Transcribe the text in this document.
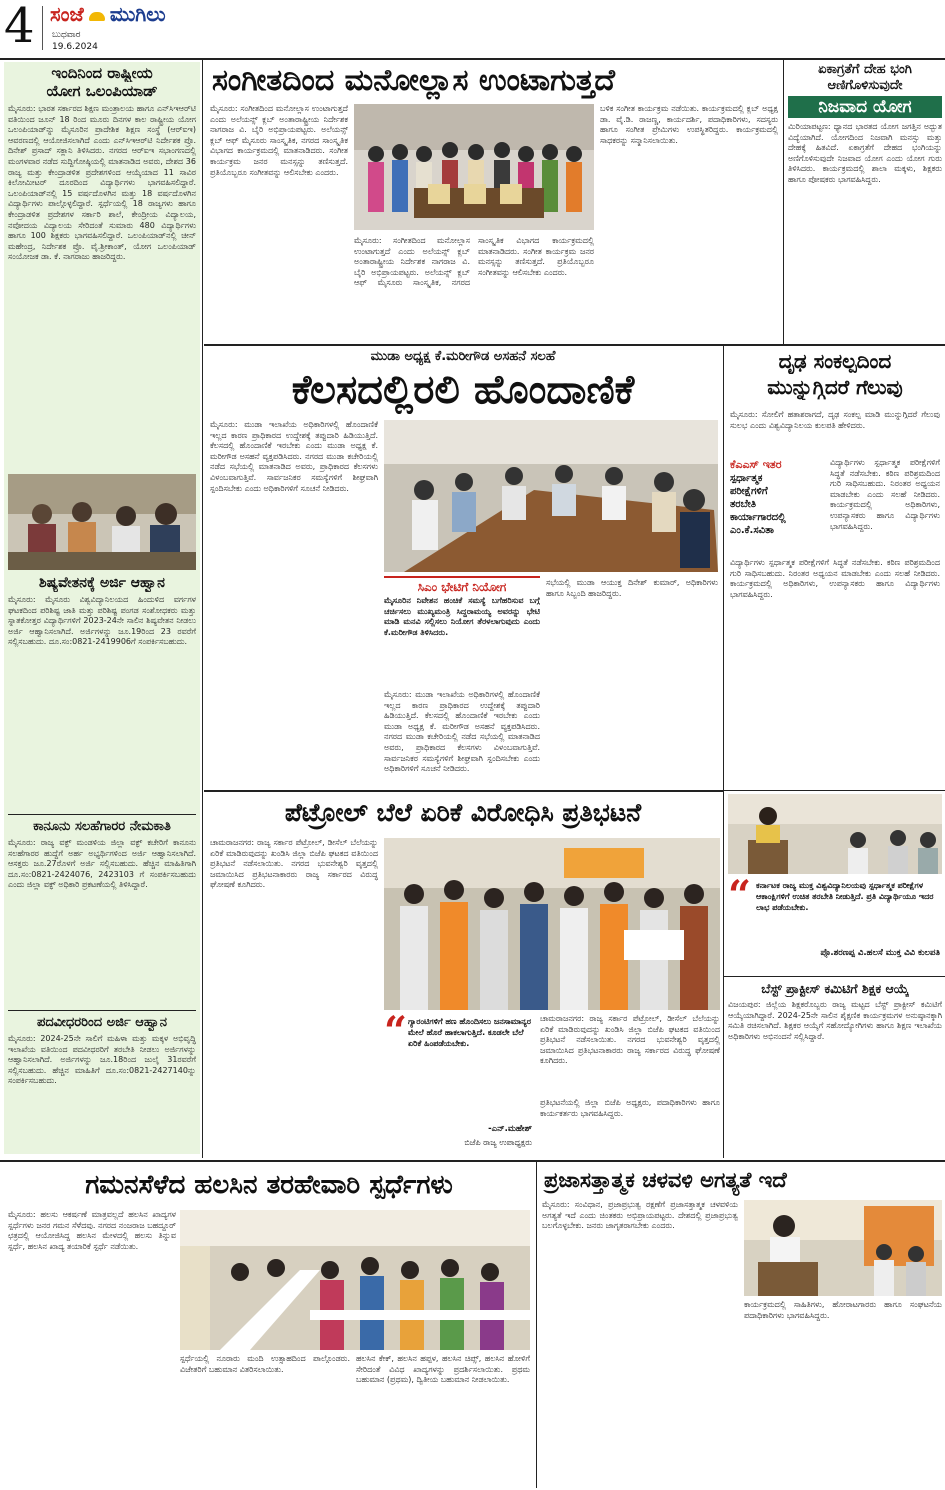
4 ಸಂಜೆ ಮುಗಿಲು
ಬುಧವಾರ
19.6.2024
ಇಂದಿನಿಂದ ರಾಷ್ಟ್ರೀಯ
ಯೋಗ ಒಲಂಪಿಯಾಡ್
ಮೈಸೂರು: ಭಾರತ ಸರ್ಕಾರದ ಶಿಕ್ಷಣ ಮಂತ್ರಾಲಯ ಹಾಗೂ ಎನ್‌ಸಿಇಆರ್‌ಟಿ ವತಿಯಿಂದ ಜೂನ್ 18 ರಿಂದ ಮೂರು ದಿನಗಳ ಕಾಲ ರಾಷ್ಟ್ರೀಯ ಯೋಗ ಒಲಂಪಿಯಾಡ್‌ನ್ನು ಮೈಸೂರಿನ ಪ್ರಾದೇಶಿಕ ಶಿಕ್ಷಣ ಸಂಸ್ಥೆ (ಆರ್‌ಐಇ) ಆವರಣದಲ್ಲಿ ಆಯೋಜಿಸಲಾಗಿದೆ ಎಂದು ಎನ್‌ಸಿಇಆರ್‌ಟಿ ನಿರ್ದೇಶಕ ಪ್ರೊ. ದಿನೇಶ್ ಪ್ರಸಾದ್ ಸಕ್ಲಾನಿ ತಿಳಿಸಿದರು. ನಗರದ ಆರ್‌ಐಇ ಸಭಾಂಗಣದಲ್ಲಿ ಮಂಗಳವಾರ ನಡೆದ ಸುದ್ದಿಗೋಷ್ಠಿಯಲ್ಲಿ ಮಾತನಾಡಿದ ಅವರು, ದೇಶದ 36 ರಾಜ್ಯ ಮತ್ತು ಕೇಂದ್ರಾಡಳಿತ ಪ್ರದೇಶಗಳಿಂದ ಆಯ್ಕೆಯಾದ 11 ಸಾವಿರ ಕಿಲೋಮೀಟರ್ ದೂರದಿಂದ ವಿದ್ಯಾರ್ಥಿಗಳು ಭಾಗವಹಿಸಲಿದ್ದಾರೆ. ಒಲಂಪಿಯಾಡ್‌ನಲ್ಲಿ 15 ವರ್ಷದೊಳಗಿನ ಮತ್ತು 18 ವರ್ಷದೊಳಗಿನ ವಿದ್ಯಾರ್ಥಿಗಳು ಪಾಲ್ಗೊಳ್ಳಲಿದ್ದಾರೆ. ಸ್ಪರ್ಧೆಯಲ್ಲಿ 18 ರಾಜ್ಯಗಳು ಹಾಗೂ ಕೇಂದ್ರಾಡಳಿತ ಪ್ರದೇಶಗಳ ಸರ್ಕಾರಿ ಶಾಲೆ, ಕೇಂದ್ರೀಯ ವಿದ್ಯಾಲಯ, ನವೋದಯ ವಿದ್ಯಾಲಯ ಸೇರಿದಂತೆ ಸುಮಾರು 480 ವಿದ್ಯಾರ್ಥಿಗಳು ಹಾಗೂ 100 ಶಿಕ್ಷಕರು ಭಾಗವಹಿಸಲಿದ್ದಾರೆ. ಒಲಂಪಿಯಾಡ್‌ನಲ್ಲಿ ಚೀನ್ ಮಹೇಂದ್ರ, ನಿರ್ದೇಶಕ ಪ್ರೊ. ವೈ.ಶ್ರೀಕಾಂತ್, ಯೋಗ ಒಲಂಪಿಯಾಡ್ ಸಂಯೋಜಕ ಡಾ. ಕೆ. ನಾಗರಾಜು ಹಾಜರಿದ್ದರು.
ಶಿಷ್ಯವೇತನಕ್ಕೆ ಅರ್ಜಿ ಆಹ್ವಾನ
ಮೈಸೂರು: ಮೈಸೂರು ವಿಶ್ವವಿದ್ಯಾನಿಲಯದ ಹಿಂದುಳಿದ ವರ್ಗಗಳ ಘಟಕದಿಂದ ಪರಿಶಿಷ್ಟ ಜಾತಿ ಮತ್ತು ಪರಿಶಿಷ್ಟ ಪಂಗಡ ಸಂಶೋಧಕರು ಮತ್ತು ಸ್ನಾತಕೋತ್ತರ ವಿದ್ಯಾರ್ಥಿಗಳಿಗೆ 2023-24ನೇ ಸಾಲಿನ ಶಿಷ್ಯವೇತನ ನೀಡಲು ಅರ್ಜಿ ಆಹ್ವಾನಿಸಲಾಗಿದೆ. ಅರ್ಜಿಗಳನ್ನು ಜೂ.19ರಿಂದ 23 ರವರೆಗೆ ಸಲ್ಲಿಸಬಹುದು. ದೂ.ಸಂ:0821-2419906ಗೆ ಸಂಪರ್ಕಿಸಬಹುದು.
ಕಾನೂನು ಸಲಹೆಗಾರರ ನೇಮಕಾತಿ
ಮೈಸೂರು: ರಾಜ್ಯ ವಕ್ಫ್ ಮಂಡಳಿಯ ಜಿಲ್ಲಾ ವಕ್ಫ್ ಕಚೇರಿಗೆ ಕಾನೂನು ಸಲಹೆಗಾರರ ಹುದ್ದೆಗೆ ಅರ್ಹ ಅಭ್ಯರ್ಥಿಗಳಿಂದ ಅರ್ಜಿ ಆಹ್ವಾನಿಸಲಾಗಿದೆ. ಆಸಕ್ತರು ಜೂ.27ರೊಳಗೆ ಅರ್ಜಿ ಸಲ್ಲಿಸಬಹುದು. ಹೆಚ್ಚಿನ ಮಾಹಿತಿಗಾಗಿ ದೂ.ಸಂ:0821-2424076, 2423103 ಗೆ ಸಂಪರ್ಕಿಸಬಹುದು ಎಂದು ಜಿಲ್ಲಾ ವಕ್ಫ್ ಅಧಿಕಾರಿ ಪ್ರಕಟಣೆಯಲ್ಲಿ ತಿಳಿಸಿದ್ದಾರೆ.
ಪದವೀಧರರಿಂದ ಅರ್ಜಿ ಆಹ್ವಾನ
ಮೈಸೂರು: 2024-25ನೇ ಸಾಲಿಗೆ ಮಹಿಳಾ ಮತ್ತು ಮಕ್ಕಳ ಅಭಿವೃದ್ಧಿ ಇಲಾಖೆಯ ವತಿಯಿಂದ ಪದವೀಧರರಿಗೆ ತರಬೇತಿ ನೀಡಲು ಅರ್ಜಿಗಳನ್ನು ಆಹ್ವಾನಿಸಲಾಗಿದೆ. ಅರ್ಜಿಗಳನ್ನು ಜೂ.18ರಿಂದ ಜುಲೈ 31ರವರೆಗೆ ಸಲ್ಲಿಸಬಹುದು. ಹೆಚ್ಚಿನ ಮಾಹಿತಿಗೆ ದೂ.ಸಂ:0821-2427140ನ್ನು ಸಂಪರ್ಕಿಸಬಹುದು.
ಸಂಗೀತದಿಂದ ಮನೋಲ್ಲಾಸ ಉಂಟಾಗುತ್ತದೆ
ಮೈಸೂರು: ಸಂಗೀತದಿಂದ ಮನೋಲ್ಲಾಸ ಉಂಟಾಗುತ್ತದೆ ಎಂದು ಅಲೆಯನ್ಸ್ ಕ್ಲಬ್ ಅಂತಾರಾಷ್ಟ್ರೀಯ ನಿರ್ದೇಶಕ ನಾಗರಾಜ ವಿ. ಬೈರಿ ಅಭಿಪ್ರಾಯಪಟ್ಟರು. ಅಲೆಯನ್ಸ್ ಕ್ಲಬ್ ಆಫ್ ಮೈಸೂರು ಸಾಂಸ್ಕೃತಿಕ, ನಗರದ ಸಾಂಸ್ಕೃತಿಕ ವಿಭಾಗದ ಕಾರ್ಯಕ್ರಮದಲ್ಲಿ ಮಾತನಾಡಿದರು. ಸಂಗೀತ ಕಾರ್ಯಕ್ರಮ ಜನರ ಮನಸ್ಸನ್ನು ತಣಿಸುತ್ತದೆ. ಪ್ರತಿಯೊಬ್ಬರೂ ಸಂಗೀತವನ್ನು ಆಲಿಸಬೇಕು ಎಂದರು.
ಬಳಿಕ ಸಂಗೀತ ಕಾರ್ಯಕ್ರಮ ನಡೆಯಿತು. ಕಾರ್ಯಕ್ರಮದಲ್ಲಿ ಕ್ಲಬ್ ಅಧ್ಯಕ್ಷ ಡಾ. ವೈ.ಡಿ. ರಾಜಣ್ಣ, ಕಾರ್ಯದರ್ಶಿ, ಪದಾಧಿಕಾರಿಗಳು, ಸದಸ್ಯರು ಹಾಗೂ ಸಂಗೀತ ಪ್ರೇಮಿಗಳು ಉಪಸ್ಥಿತರಿದ್ದರು. ಕಾರ್ಯಕ್ರಮದಲ್ಲಿ ಸಾಧಕರನ್ನು ಸನ್ಮಾನಿಸಲಾಯಿತು.
ಮೈಸೂರು: ಸಂಗೀತದಿಂದ ಮನೋಲ್ಲಾಸ ಉಂಟಾಗುತ್ತದೆ ಎಂದು ಅಲೆಯನ್ಸ್ ಕ್ಲಬ್ ಅಂತಾರಾಷ್ಟ್ರೀಯ ನಿರ್ದೇಶಕ ನಾಗರಾಜ ವಿ. ಬೈರಿ ಅಭಿಪ್ರಾಯಪಟ್ಟರು. ಅಲೆಯನ್ಸ್ ಕ್ಲಬ್ ಆಫ್ ಮೈಸೂರು ಸಾಂಸ್ಕೃತಿಕ, ನಗರದ ಸಾಂಸ್ಕೃತಿಕ ವಿಭಾಗದ ಕಾರ್ಯಕ್ರಮದಲ್ಲಿ ಮಾತನಾಡಿದರು. ಸಂಗೀತ ಕಾರ್ಯಕ್ರಮ ಜನರ ಮನಸ್ಸನ್ನು ತಣಿಸುತ್ತದೆ. ಪ್ರತಿಯೊಬ್ಬರೂ ಸಂಗೀತವನ್ನು ಆಲಿಸಬೇಕು ಎಂದರು.
ಏಕಾಗ್ರತೆಗೆ ದೇಹ ಭಂಗಿ
ಆಣಿಗೊಳಿಸುವುದೇ
ನಿಜವಾದ ಯೋಗ
ಮಿರಿಯಾಪಟ್ಟಣ: ಧ್ಯಾನದ ಭಾರತದ ಯೋಗ ಜಗತ್ತಿನ ಅದ್ಭುತ ವಿದ್ಯೆಯಾಗಿದೆ. ಯೋಗದಿಂದ ನಿಜವಾಗಿ ಮನಸ್ಸು ಮತ್ತು ದೇಹಕ್ಕೆ ಹಿತವಿದೆ. ಏಕಾಗ್ರತೆಗೆ ದೇಹದ ಭಂಗಿಯನ್ನು ಅಣಿಗೊಳಿಸುವುದೇ ನಿಜವಾದ ಯೋಗ ಎಂದು ಯೋಗ ಗುರು ತಿಳಿಸಿದರು. ಕಾರ್ಯಕ್ರಮದಲ್ಲಿ ಶಾಲಾ ಮಕ್ಕಳು, ಶಿಕ್ಷಕರು ಹಾಗೂ ಪೋಷಕರು ಭಾಗವಹಿಸಿದ್ದರು.
ಮುಡಾ ಅಧ್ಯಕ್ಷ ಕೆ.ಮರೀಗೌಡ ಅಸಹನೆ ಸಲಹೆ
ಕೆಲಸದಲ್ಲಿರಲಿ ಹೊಂದಾಣಿಕೆ
ಮೈಸೂರು: ಮುಡಾ ಇಲಾಖೆಯ ಅಧಿಕಾರಿಗಳಲ್ಲಿ ಹೊಂದಾಣಿಕೆ ಇಲ್ಲದ ಕಾರಣ ಪ್ರಾಧಿಕಾರದ ಉದ್ದೇಶಕ್ಕೆ ತಪ್ಪುದಾರಿ ಹಿಡಿಯುತ್ತಿದೆ. ಕೆಲಸದಲ್ಲಿ ಹೊಂದಾಣಿಕೆ ಇರಬೇಕು ಎಂದು ಮುಡಾ ಅಧ್ಯಕ್ಷ ಕೆ. ಮರೀಗೌಡ ಅಸಹನೆ ವ್ಯಕ್ತಪಡಿಸಿದರು. ನಗರದ ಮುಡಾ ಕಚೇರಿಯಲ್ಲಿ ನಡೆದ ಸಭೆಯಲ್ಲಿ ಮಾತನಾಡಿದ ಅವರು, ಪ್ರಾಧಿಕಾರದ ಕೆಲಸಗಳು ವಿಳಂಬವಾಗುತ್ತಿವೆ. ಸಾರ್ವಜನಿಕರ ಸಮಸ್ಯೆಗಳಿಗೆ ಶೀಘ್ರವಾಗಿ ಸ್ಪಂದಿಸಬೇಕು ಎಂದು ಅಧಿಕಾರಿಗಳಿಗೆ ಸೂಚನೆ ನೀಡಿದರು.
ಸಿಎಂ ಭೇಟಿಗೆ ನಿಯೋಗ
ಮೈಸೂರಿನ ನಿವೇಶನ ಹಂಚಿಕೆ ಸಮಸ್ಯೆ ಬಗೆಹರಿಸುವ ಬಗ್ಗೆ ಚರ್ಚಿಸಲು ಮುಖ್ಯಮಂತ್ರಿ ಸಿದ್ದರಾಮಯ್ಯ ಅವರನ್ನು ಭೇಟಿ ಮಾಡಿ ಮನವಿ ಸಲ್ಲಿಸಲು ನಿಯೋಗ ತೆರಳಲಾಗುವುದು ಎಂದು ಕೆ.ಮರೀಗೌಡ ತಿಳಿಸಿದರು.
ಮೈಸೂರು: ಮುಡಾ ಇಲಾಖೆಯ ಅಧಿಕಾರಿಗಳಲ್ಲಿ ಹೊಂದಾಣಿಕೆ ಇಲ್ಲದ ಕಾರಣ ಪ್ರಾಧಿಕಾರದ ಉದ್ದೇಶಕ್ಕೆ ತಪ್ಪುದಾರಿ ಹಿಡಿಯುತ್ತಿದೆ. ಕೆಲಸದಲ್ಲಿ ಹೊಂದಾಣಿಕೆ ಇರಬೇಕು ಎಂದು ಮುಡಾ ಅಧ್ಯಕ್ಷ ಕೆ. ಮರೀಗೌಡ ಅಸಹನೆ ವ್ಯಕ್ತಪಡಿಸಿದರು. ನಗರದ ಮುಡಾ ಕಚೇರಿಯಲ್ಲಿ ನಡೆದ ಸಭೆಯಲ್ಲಿ ಮಾತನಾಡಿದ ಅವರು, ಪ್ರಾಧಿಕಾರದ ಕೆಲಸಗಳು ವಿಳಂಬವಾಗುತ್ತಿವೆ. ಸಾರ್ವಜನಿಕರ ಸಮಸ್ಯೆಗಳಿಗೆ ಶೀಘ್ರವಾಗಿ ಸ್ಪಂದಿಸಬೇಕು ಎಂದು ಅಧಿಕಾರಿಗಳಿಗೆ ಸೂಚನೆ ನೀಡಿದರು.
ಸಭೆಯಲ್ಲಿ ಮುಡಾ ಆಯುಕ್ತ ದಿನೇಶ್ ಕುಮಾರ್, ಅಧಿಕಾರಿಗಳು ಹಾಗೂ ಸಿಬ್ಬಂದಿ ಹಾಜರಿದ್ದರು.
ದೃಢ ಸಂಕಲ್ಪದಿಂದ
ಮುನ್ನುಗ್ಗಿದರೆ ಗೆಲುವು
ಮೈಸೂರು: ಸೋಲಿಗೆ ಹತಾಶರಾಗದೆ, ದೃಢ ಸಂಕಲ್ಪ ಮಾಡಿ ಮುನ್ನುಗ್ಗಿದರೆ ಗೆಲುವು ಸುಲಭ ಎಂದು ವಿಶ್ವವಿದ್ಯಾನಿಲಯ ಕುಲಪತಿ ಹೇಳಿದರು.
ಕೆಎಎಸ್ ಇತರ
ಸ್ಪರ್ಧಾತ್ಮಕ
ಪರೀಕ್ಷೆಗಳಿಗೆ
ತರಬೇತಿ
ಕಾರ್ಯಾಗಾರದಲ್ಲಿ
ಎಂ.ಕೆ.ಸವಿತಾ
ವಿದ್ಯಾರ್ಥಿಗಳು ಸ್ಪರ್ಧಾತ್ಮಕ ಪರೀಕ್ಷೆಗಳಿಗೆ ಸಿದ್ಧತೆ ನಡೆಸಬೇಕು. ಕಠಿಣ ಪರಿಶ್ರಮದಿಂದ ಗುರಿ ಸಾಧಿಸಬಹುದು. ನಿರಂತರ ಅಧ್ಯಯನ ಮಾಡಬೇಕು ಎಂದು ಸಲಹೆ ನೀಡಿದರು. ಕಾರ್ಯಕ್ರಮದಲ್ಲಿ ಅಧಿಕಾರಿಗಳು, ಉಪನ್ಯಾಸಕರು ಹಾಗೂ ವಿದ್ಯಾರ್ಥಿಗಳು ಭಾಗವಹಿಸಿದ್ದರು.
ವಿದ್ಯಾರ್ಥಿಗಳು ಸ್ಪರ್ಧಾತ್ಮಕ ಪರೀಕ್ಷೆಗಳಿಗೆ ಸಿದ್ಧತೆ ನಡೆಸಬೇಕು. ಕಠಿಣ ಪರಿಶ್ರಮದಿಂದ ಗುರಿ ಸಾಧಿಸಬಹುದು. ನಿರಂತರ ಅಧ್ಯಯನ ಮಾಡಬೇಕು ಎಂದು ಸಲಹೆ ನೀಡಿದರು. ಕಾರ್ಯಕ್ರಮದಲ್ಲಿ ಅಧಿಕಾರಿಗಳು, ಉಪನ್ಯಾಸಕರು ಹಾಗೂ ವಿದ್ಯಾರ್ಥಿಗಳು ಭಾಗವಹಿಸಿದ್ದರು.
“ ಕರ್ನಾಟಕ ರಾಜ್ಯ ಮುಕ್ತ ವಿಶ್ವವಿದ್ಯಾನಿಲಯವು ಸ್ಪರ್ಧಾತ್ಮಕ ಪರೀಕ್ಷೆಗಳ ಆಕಾಂಕ್ಷಿಗಳಿಗೆ ಉಚಿತ ತರಬೇತಿ ನೀಡುತ್ತಿದೆ. ಪ್ರತಿ ವಿದ್ಯಾರ್ಥಿಯೂ ಇದರ ಲಾಭ ಪಡೆಯಬೇಕು.
ಪ್ರೊ.ಶರಣಪ್ಪ ವಿ.ಹಲಸೆ ಮುಕ್ತ ವಿವಿ ಕುಲಪತಿ
ಬೆಸ್ಟ್ ಪ್ರಾಕ್ಟೀಸ್ ಕಮಿಟಿಗೆ ಶಿಕ್ಷಕ ಆಯ್ಕೆ
ವಿಜಯಪುರ: ಜಿಲ್ಲೆಯ ಶಿಕ್ಷಕರೊಬ್ಬರು ರಾಜ್ಯ ಮಟ್ಟದ ಬೆಸ್ಟ್ ಪ್ರಾಕ್ಟೀಸ್ ಕಮಿಟಿಗೆ ಆಯ್ಕೆಯಾಗಿದ್ದಾರೆ. 2024-25ನೇ ಸಾಲಿನ ಶೈಕ್ಷಣಿಕ ಕಾರ್ಯಕ್ರಮಗಳ ಅನುಷ್ಠಾನಕ್ಕಾಗಿ ಸಮಿತಿ ರಚಿಸಲಾಗಿದೆ. ಶಿಕ್ಷಕರ ಆಯ್ಕೆಗೆ ಸಹೋದ್ಯೋಗಿಗಳು ಹಾಗೂ ಶಿಕ್ಷಣ ಇಲಾಖೆಯ ಅಧಿಕಾರಿಗಳು ಅಭಿನಂದನೆ ಸಲ್ಲಿಸಿದ್ದಾರೆ.
ಪೆಟ್ರೋಲ್ ಬೆಲೆ ಏರಿಕೆ ವಿರೋಧಿಸಿ ಪ್ರತಿಭಟನೆ
ಚಾಮರಾಜನಗರ: ರಾಜ್ಯ ಸರ್ಕಾರ ಪೆಟ್ರೋಲ್, ಡೀಸೆಲ್ ಬೆಲೆಯನ್ನು ಏರಿಕೆ ಮಾಡಿರುವುದನ್ನು ಖಂಡಿಸಿ ಜಿಲ್ಲಾ ಬಿಜೆಪಿ ಘಟಕದ ವತಿಯಿಂದ ಪ್ರತಿಭಟನೆ ನಡೆಸಲಾಯಿತು. ನಗರದ ಭುವನೇಶ್ವರಿ ವೃತ್ತದಲ್ಲಿ ಜಮಾಯಿಸಿದ ಪ್ರತಿಭಟನಾಕಾರರು ರಾಜ್ಯ ಸರ್ಕಾರದ ವಿರುದ್ಧ ಘೋಷಣೆ ಕೂಗಿದರು.
“ ಗ್ಯಾರಂಟಿಗಳಿಗೆ ಹಣ ಹೊಂದಿಸಲು ಜನಸಾಮಾನ್ಯರ ಮೇಲೆ ಹೊರೆ ಹಾಕಲಾಗುತ್ತಿದೆ. ಕೂಡಲೇ ಬೆಲೆ ಏರಿಕೆ ಹಿಂಪಡೆಯಬೇಕು.
-ಎನ್.ಮಹೇಶ್
ಬಿಜೆಪಿ ರಾಜ್ಯ ಉಪಾಧ್ಯಕ್ಷರು
ಚಾಮರಾಜನಗರ: ರಾಜ್ಯ ಸರ್ಕಾರ ಪೆಟ್ರೋಲ್, ಡೀಸೆಲ್ ಬೆಲೆಯನ್ನು ಏರಿಕೆ ಮಾಡಿರುವುದನ್ನು ಖಂಡಿಸಿ ಜಿಲ್ಲಾ ಬಿಜೆಪಿ ಘಟಕದ ವತಿಯಿಂದ ಪ್ರತಿಭಟನೆ ನಡೆಸಲಾಯಿತು. ನಗರದ ಭುವನೇಶ್ವರಿ ವೃತ್ತದಲ್ಲಿ ಜಮಾಯಿಸಿದ ಪ್ರತಿಭಟನಾಕಾರರು ರಾಜ್ಯ ಸರ್ಕಾರದ ವಿರುದ್ಧ ಘೋಷಣೆ ಕೂಗಿದರು.
ಪ್ರತಿಭಟನೆಯಲ್ಲಿ ಜಿಲ್ಲಾ ಬಿಜೆಪಿ ಅಧ್ಯಕ್ಷರು, ಪದಾಧಿಕಾರಿಗಳು ಹಾಗೂ ಕಾರ್ಯಕರ್ತರು ಭಾಗವಹಿಸಿದ್ದರು.
ಗಮನಸೆಳೆದ ಹಲಸಿನ ತರಹೇವಾರಿ ಸ್ಪರ್ಧೆಗಳು
ಮೈಸೂರು: ಹಲಸು ಆಕರ್ಷಣೆ ಮಾತ್ರವಲ್ಲದೆ ಹಲಸಿನ ಖಾದ್ಯಗಳ ಸ್ಪರ್ಧೆಗಳು ಜನರ ಗಮನ ಸೆಳೆದವು. ನಗರದ ನಂಜರಾಜ ಬಹದ್ದೂರ್ ಛತ್ರದಲ್ಲಿ ಆಯೋಜಿಸಿದ್ದ ಹಲಸಿನ ಮೇಳದಲ್ಲಿ ಹಲಸು ತಿನ್ನುವ ಸ್ಪರ್ಧೆ, ಹಲಸಿನ ಖಾದ್ಯ ತಯಾರಿಕೆ ಸ್ಪರ್ಧೆ ನಡೆಯಿತು.
ಸ್ಪರ್ಧೆಯಲ್ಲಿ ನೂರಾರು ಮಂದಿ ಉತ್ಸಾಹದಿಂದ ಪಾಲ್ಗೊಂಡರು. ವಿಜೇತರಿಗೆ ಬಹುಮಾನ ವಿತರಿಸಲಾಯಿತು.
ಹಲಸಿನ ಕೇಕ್, ಹಲಸಿನ ಹಪ್ಪಳ, ಹಲಸಿನ ಚಿಪ್ಸ್, ಹಲಸಿನ ಹೋಳಿಗೆ ಸೇರಿದಂತೆ ವಿವಿಧ ಖಾದ್ಯಗಳನ್ನು ಪ್ರದರ್ಶಿಸಲಾಯಿತು. ಪ್ರಥಮ ಬಹುಮಾನ (ಪ್ರಥಮ), ದ್ವಿತೀಯ ಬಹುಮಾನ ನೀಡಲಾಯಿತು.
ಪ್ರಜಾಸತ್ತಾತ್ಮಕ ಚಳವಳಿ ಅಗತ್ಯತೆ ಇದೆ
ಮೈಸೂರು: ಸಂವಿಧಾನ, ಪ್ರಜಾಪ್ರಭುತ್ವ ರಕ್ಷಣೆಗೆ ಪ್ರಜಾಸತ್ತಾತ್ಮಕ ಚಳವಳಿಯ ಅಗತ್ಯತೆ ಇದೆ ಎಂದು ಚಿಂತಕರು ಅಭಿಪ್ರಾಯಪಟ್ಟರು. ದೇಶದಲ್ಲಿ ಪ್ರಜಾಪ್ರಭುತ್ವ ಬಲಗೊಳ್ಳಬೇಕು. ಜನರು ಜಾಗೃತರಾಗಬೇಕು ಎಂದರು.
ಕಾರ್ಯಕ್ರಮದಲ್ಲಿ ಸಾಹಿತಿಗಳು, ಹೋರಾಟಗಾರರು ಹಾಗೂ ಸಂಘಟನೆಯ ಪದಾಧಿಕಾರಿಗಳು ಭಾಗವಹಿಸಿದ್ದರು.
